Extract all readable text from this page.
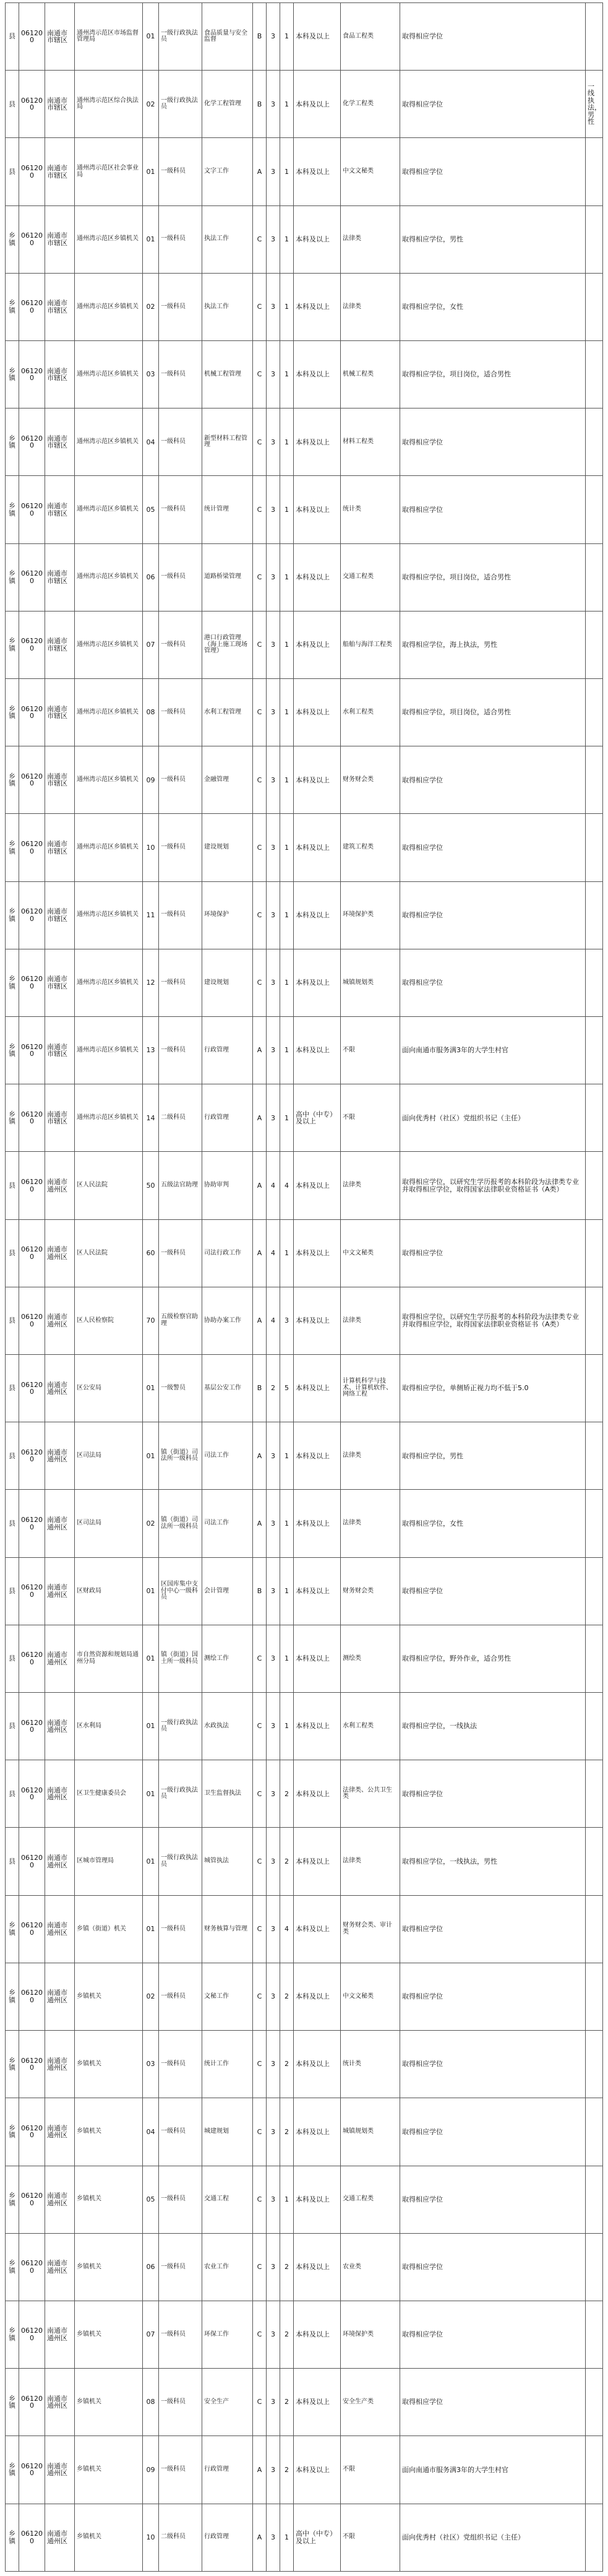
县	061200	南通市市辖区	通州湾示范区市场监督管理局	01	一级行政执法员	食品质量与安全监督	B	3	1	本科及以上	食品工程类	取得相应学位	
县	061200	南通市市辖区	通州湾示范区综合执法局	02	一级行政执法员	化学工程管理	B	3	1	本科及以上	化学工程类	取得相应学位	一线执法，男性
县	061200	南通市市辖区	通州湾示范区社会事业局	01	一级科员	文字工作	A	3	1	本科及以上	中文文秘类	取得相应学位	
乡镇	061200	南通市市辖区	通州湾示范区乡镇机关	01	一级科员	执法工作	C	3	1	本科及以上	法律类	取得相应学位，男性	
乡镇	061200	南通市市辖区	通州湾示范区乡镇机关	02	一级科员	执法工作	C	3	1	本科及以上	法律类	取得相应学位，女性	
乡镇	061200	南通市市辖区	通州湾示范区乡镇机关	03	一级科员	机械工程管理	C	3	1	本科及以上	机械工程类	取得相应学位，项目岗位，适合男性	
乡镇	061200	南通市市辖区	通州湾示范区乡镇机关	04	一级科员	新型材料工程管理	C	3	1	本科及以上	材料工程类	取得相应学位	
乡镇	061200	南通市市辖区	通州湾示范区乡镇机关	05	一级科员	统计管理	C	3	1	本科及以上	统计类	取得相应学位	
乡镇	061200	南通市市辖区	通州湾示范区乡镇机关	06	一级科员	道路桥梁管理	C	3	1	本科及以上	交通工程类	取得相应学位，项目岗位，适合男性	
乡镇	061200	南通市市辖区	通州湾示范区乡镇机关	07	一级科员	港口行政管理（海上施工现场管理）	C	3	1	本科及以上	船舶与海洋工程类	取得相应学位，海上执法，男性	
乡镇	061200	南通市市辖区	通州湾示范区乡镇机关	08	一级科员	水利工程管理	C	3	1	本科及以上	水利工程类	取得相应学位，项目岗位，适合男性	
乡镇	061200	南通市市辖区	通州湾示范区乡镇机关	09	一级科员	金融管理	C	3	1	本科及以上	财务财会类	取得相应学位	
乡镇	061200	南通市市辖区	通州湾示范区乡镇机关	10	一级科员	建设规划	C	3	1	本科及以上	建筑工程类	取得相应学位	
乡镇	061200	南通市市辖区	通州湾示范区乡镇机关	11	一级科员	环境保护	C	3	1	本科及以上	环境保护类	取得相应学位	
乡镇	061200	南通市市辖区	通州湾示范区乡镇机关	12	一级科员	建设规划	C	3	1	本科及以上	城镇规划类	取得相应学位	
乡镇	061200	南通市市辖区	通州湾示范区乡镇机关	13	一级科员	行政管理	A	3	1	本科及以上	不限	面向南通市服务满3年的大学生村官	
乡镇	061200	南通市市辖区	通州湾示范区乡镇机关	14	二级科员	行政管理	A	3	1	高中（中专）及以上	不限	面向优秀村（社区）党组织书记（主任）	
县	061200	南通市通州区	区人民法院	50	五级法官助理	协助审判	A	4	4	本科及以上	法律类	取得相应学位，以研究生学历报考的本科阶段为法律类专业并取得相应学位，取得国家法律职业资格证书（A类）	
县	061200	南通市通州区	区人民法院	60	一级科员	司法行政工作	A	4	1	本科及以上	中文文秘类	取得相应学位	
县	061200	南通市通州区	区人民检察院	70	五级检察官助理	协助办案工作	A	4	3	本科及以上	法律类	取得相应学位，以研究生学历报考的本科阶段为法律类专业并取得相应学位，取得国家法律职业资格证书（A类）	
县	061200	南通市通州区	区公安局	01	一级警员	基层公安工作	B	2	5	本科及以上	计算机科学与技术、计算机软件、网络工程	取得相应学位，单侧矫正视力均不低于5.0	
县	061200	南通市通州区	区司法局	01	镇（街道）司法所一级科员	司法工作	A	3	1	本科及以上	法律类	取得相应学位，男性	
县	061200	南通市通州区	区司法局	02	镇（街道）司法所一级科员	司法工作	A	3	1	本科及以上	法律类	取得相应学位，女性	
县	061200	南通市通州区	区财政局	01	区国库集中支付中心一级科员	会计管理	B	3	1	本科及以上	财务财会类	取得相应学位	
县	061200	南通市通州区	市自然资源和规划局通州分局	01	镇（街道）国土所一级科员	测绘工作	C	3	1	本科及以上	测绘类	取得相应学位，野外作业，适合男性	
县	061200	南通市通州区	区水利局	01	一级行政执法员	水政执法	C	3	1	本科及以上	水利工程类	取得相应学位，一线执法	
县	061200	南通市通州区	区卫生健康委员会	01	一级行政执法员	卫生监督执法	C	3	2	本科及以上	法律类、公共卫生类	取得相应学位	
县	061200	南通市通州区	区城市管理局	01	一级行政执法员	城管执法	C	3	2	本科及以上	法律类	取得相应学位，一线执法，男性	
乡镇	061200	南通市通州区	乡镇（街道）机关	01	一级科员	财务核算与管理	C	3	4	本科及以上	财务财会类、审计类	取得相应学位	
乡镇	061200	南通市通州区	乡镇机关	02	一级科员	文秘工作	C	3	2	本科及以上	中文文秘类	取得相应学位	
乡镇	061200	南通市通州区	乡镇机关	03	一级科员	统计工作	C	3	2	本科及以上	统计类	取得相应学位	
乡镇	061200	南通市通州区	乡镇机关	04	一级科员	城建规划	C	3	2	本科及以上	城镇规划类	取得相应学位	
乡镇	061200	南通市通州区	乡镇机关	05	一级科员	交通工程	C	3	1	本科及以上	交通工程类	取得相应学位	
乡镇	061200	南通市通州区	乡镇机关	06	一级科员	农业工作	C	3	2	本科及以上	农业类	取得相应学位	
乡镇	061200	南通市通州区	乡镇机关	07	一级科员	环保工作	C	3	2	本科及以上	环境保护类	取得相应学位	
乡镇	061200	南通市通州区	乡镇机关	08	一级科员	安全生产	C	3	2	本科及以上	安全生产类	取得相应学位	
乡镇	061200	南通市通州区	乡镇机关	09	一级科员	行政管理	A	3	2	本科及以上	不限	面向南通市服务满3年的大学生村官	
乡镇	061200	南通市通州区	乡镇机关	10	二级科员	行政管理	A	3	1	高中（中专）及以上	不限	面向优秀村（社区）党组织书记（主任）	
